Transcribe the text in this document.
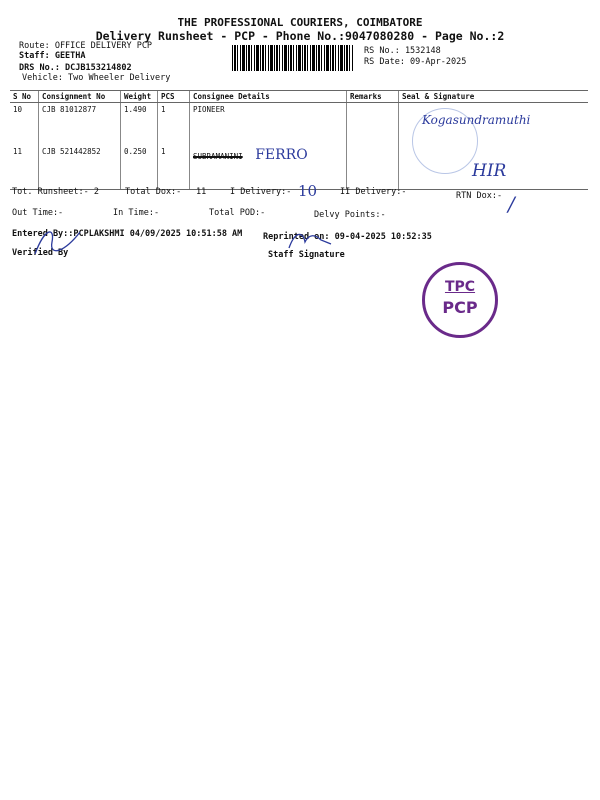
THE PROFESSIONAL COURIERS, COIMBATORE
Delivery Runsheet - PCP - Phone No.:9047080280 - Page No.:2
Route: OFFICE DELIVERY PCP
Staff: GEETHA
DRS No.: DCJB153214802
Vehicle: Two Wheeler Delivery
RS No.: 1532148
RS Date: 09-Apr-2025
S No	Consignment No	Weight	PCS	Consignee Details	Remarks	Seal & Signature
10	CJB 81012877	1.490	1	PIONEER		Kogasundramuthi
11	CJB 521442852	0.250	1	SUBRAMANINI FERRO		HIR
Tot. Runsheet:- 2	Total Dox:- 11	I Delivery:- 10	II Delivery:-	RTN Dox:- /
Out Time:-	In Time:-	Total POD:-	Delvy Points:-
Entered By::PCPLAKSHMI 04/09/2025 10:51:58 AM Reprinted on: 09-04-2025 10:52:35
Verified By	Staff Signature
TPC
PCP
